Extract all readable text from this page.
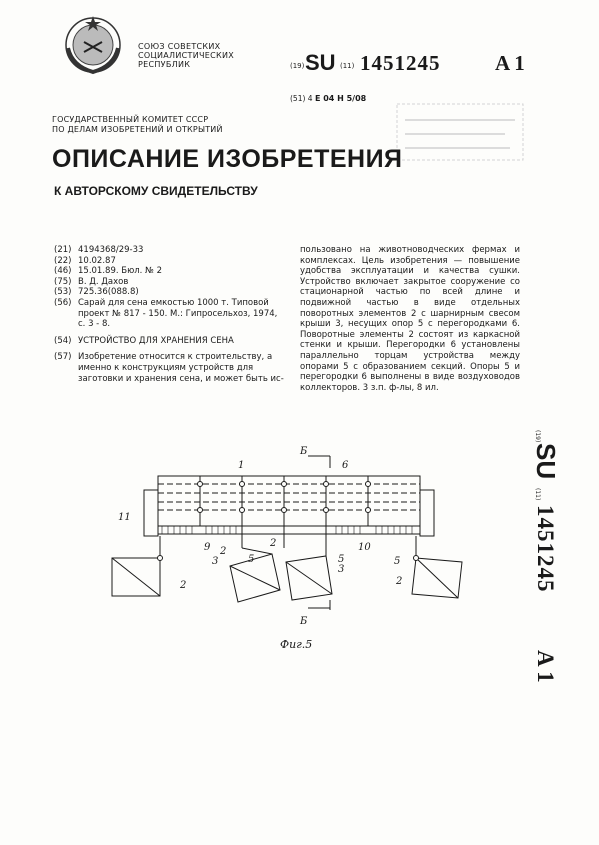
СОЮЗ СОВЕТСКИХ
СОЦИАЛИСТИЧЕСКИХ
РЕСПУБЛИК	(19) SU (11) 1451245	A 1
(51) 4 E 04 H 5/08
ГОСУДАРСТВЕННЫЙ КОМИТЕТ СССР
ПО ДЕЛАМ ИЗОБРЕТЕНИЙ И ОТКРЫТИЙ
ОПИСАНИЕ ИЗОБРЕТЕНИЯ
К АВТОРСКОМУ СВИДЕТЕЛЬСТВУ
(21) 4194368/29-33
(22) 10.02.87
(46) 15.01.89. Бюл. № 2
(75) В. Д. Дахов
(53) 725.36(088.8)
(56) Сарай для сена емкостью 1000 т. Типовой проект № 817 - 150. М.: Гипросельхоз, 1974, с. 3 - 8.
(54) УСТРОЙСТВО ДЛЯ ХРАНЕНИЯ СЕНА
(57) Изобретение относится к строительству, а именно к конструкциям устройств для заготовки и хранения сена, и может быть ис-
пользовано на животноводческих фермах и комплексах. Цель изобретения — повышение удобства эксплуатации и качества сушки. Устройство включает закрытое сооружение со стационарной частью по всей длине и подвижной частью в виде отдельных поворотных элементов 2 с шарнирным свесом крыши 3, несущих опор 5 с перегородками 6. Поворотные элементы 2 состоят из каркасной стенки и крыши. Перегородки 6 установлены параллельно торцам устройства между опорами 5 с образованием секций. Опоры 5 и перегородки 6 выполнены в виде воздуховодов коллекторов. 3 з.п. ф-лы, 8 ил.
(19)
SU
(11)
1451245
A 1
Б
Б
1	6
11
9 2
2
3	5
2
5
3
10
5
2
Фиг.5
